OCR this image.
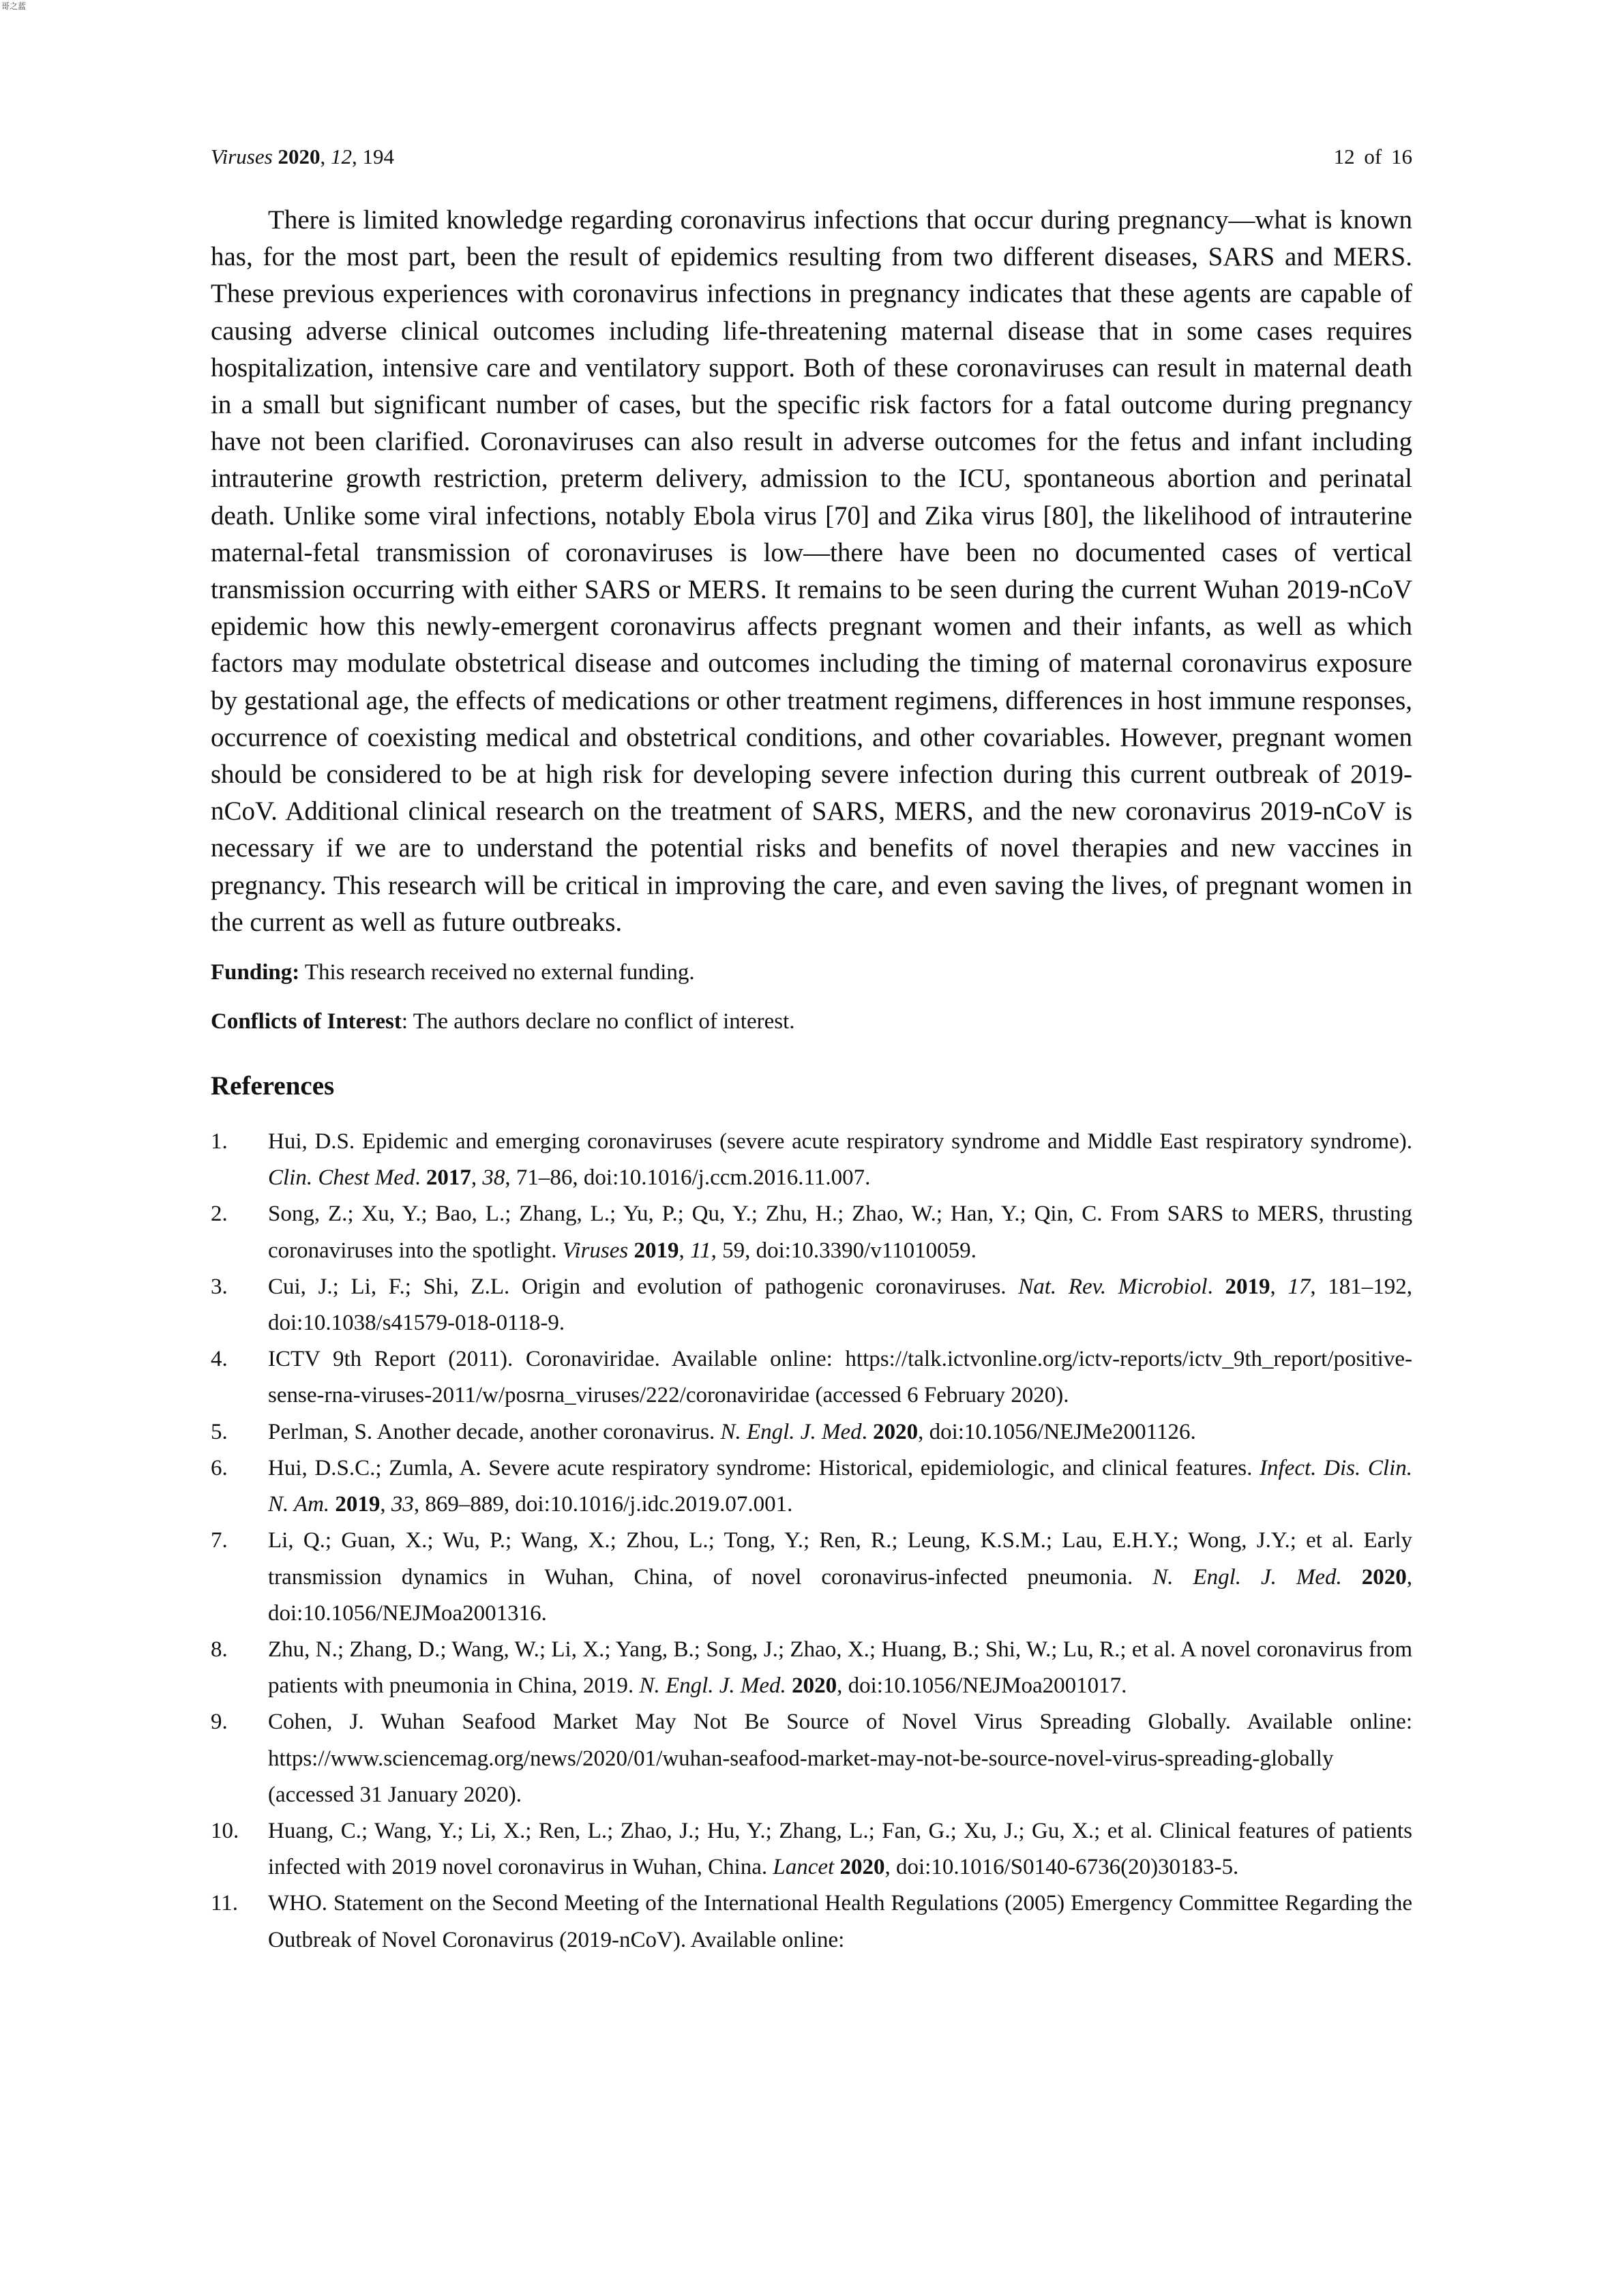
哥之蓝
Viruses 2020, 12, 194	12 of 16

There is limited knowledge regarding coronavirus infections that occur during pregnancy—what is known has, for the most part, been the result of epidemics resulting from two different diseases, SARS and MERS. These previous experiences with coronavirus infections in pregnancy indicates that these agents are capable of causing adverse clinical outcomes including life-threatening maternal disease that in some cases requires hospitalization, intensive care and ventilatory support. Both of these coronaviruses can result in maternal death in a small but significant number of cases, but the specific risk factors for a fatal outcome during pregnancy have not been clarified. Coronaviruses can also result in adverse outcomes for the fetus and infant including intrauterine growth restriction, preterm delivery, admission to the ICU, spontaneous abortion and perinatal death. Unlike some viral infections, notably Ebola virus [70] and Zika virus [80], the likelihood of intrauterine maternal-fetal transmission of coronaviruses is low—there have been no documented cases of vertical transmission occurring with either SARS or MERS. It remains to be seen during the current Wuhan 2019-nCoV epidemic how this newly-emergent coronavirus affects pregnant women and their infants, as well as which factors may modulate obstetrical disease and outcomes including the timing of maternal coronavirus exposure by gestational age, the effects of medications or other treatment regimens, differences in host immune responses, occurrence of coexisting medical and obstetrical conditions, and other covariables. However, pregnant women should be considered to be at high risk for developing severe infection during this current outbreak of 2019-nCoV. Additional clinical research on the treatment of SARS, MERS, and the new coronavirus 2019-nCoV is necessary if we are to understand the potential risks and benefits of novel therapies and new vaccines in pregnancy. This research will be critical in improving the care, and even saving the lives, of pregnant women in the current as well as future outbreaks.

Funding: This research received no external funding.

Conflicts of Interest: The authors declare no conflict of interest.

References
1. Hui, D.S. Epidemic and emerging coronaviruses (severe acute respiratory syndrome and Middle East respiratory syndrome). Clin. Chest Med. 2017, 38, 71–86, doi:10.1016/j.ccm.2016.11.007.
2. Song, Z.; Xu, Y.; Bao, L.; Zhang, L.; Yu, P.; Qu, Y.; Zhu, H.; Zhao, W.; Han, Y.; Qin, C. From SARS to MERS, thrusting coronaviruses into the spotlight. Viruses 2019, 11, 59, doi:10.3390/v11010059.
3. Cui, J.; Li, F.; Shi, Z.L. Origin and evolution of pathogenic coronaviruses. Nat. Rev. Microbiol. 2019, 17, 181–192, doi:10.1038/s41579-018-0118-9.
4. ICTV 9th Report (2011). Coronaviridae. Available online: https://talk.ictvonline.org/ictv-reports/ictv_9th_report/positive-sense-rna-viruses-2011/w/posrna_viruses/222/coronaviridae (accessed 6 February 2020).
5. Perlman, S. Another decade, another coronavirus. N. Engl. J. Med. 2020, doi:10.1056/NEJMe2001126.
6. Hui, D.S.C.; Zumla, A. Severe acute respiratory syndrome: Historical, epidemiologic, and clinical features. Infect. Dis. Clin. N. Am. 2019, 33, 869–889, doi:10.1016/j.idc.2019.07.001.
7. Li, Q.; Guan, X.; Wu, P.; Wang, X.; Zhou, L.; Tong, Y.; Ren, R.; Leung, K.S.M.; Lau, E.H.Y.; Wong, J.Y.; et al. Early transmission dynamics in Wuhan, China, of novel coronavirus-infected pneumonia. N. Engl. J. Med. 2020, doi:10.1056/NEJMoa2001316.
8. Zhu, N.; Zhang, D.; Wang, W.; Li, X.; Yang, B.; Song, J.; Zhao, X.; Huang, B.; Shi, W.; Lu, R.; et al. A novel coronavirus from patients with pneumonia in China, 2019. N. Engl. J. Med. 2020, doi:10.1056/NEJMoa2001017.
9. Cohen, J. Wuhan Seafood Market May Not Be Source of Novel Virus Spreading Globally. Available online: https://www.sciencemag.org/news/2020/01/wuhan-seafood-market-may-not-be-source-novel-virus-spreading-globally (accessed 31 January 2020).
10. Huang, C.; Wang, Y.; Li, X.; Ren, L.; Zhao, J.; Hu, Y.; Zhang, L.; Fan, G.; Xu, J.; Gu, X.; et al. Clinical features of patients infected with 2019 novel coronavirus in Wuhan, China. Lancet 2020, doi:10.1016/S0140-6736(20)30183-5.
11. WHO. Statement on the Second Meeting of the International Health Regulations (2005) Emergency Committee Regarding the Outbreak of Novel Coronavirus (2019-nCoV). Available online:
